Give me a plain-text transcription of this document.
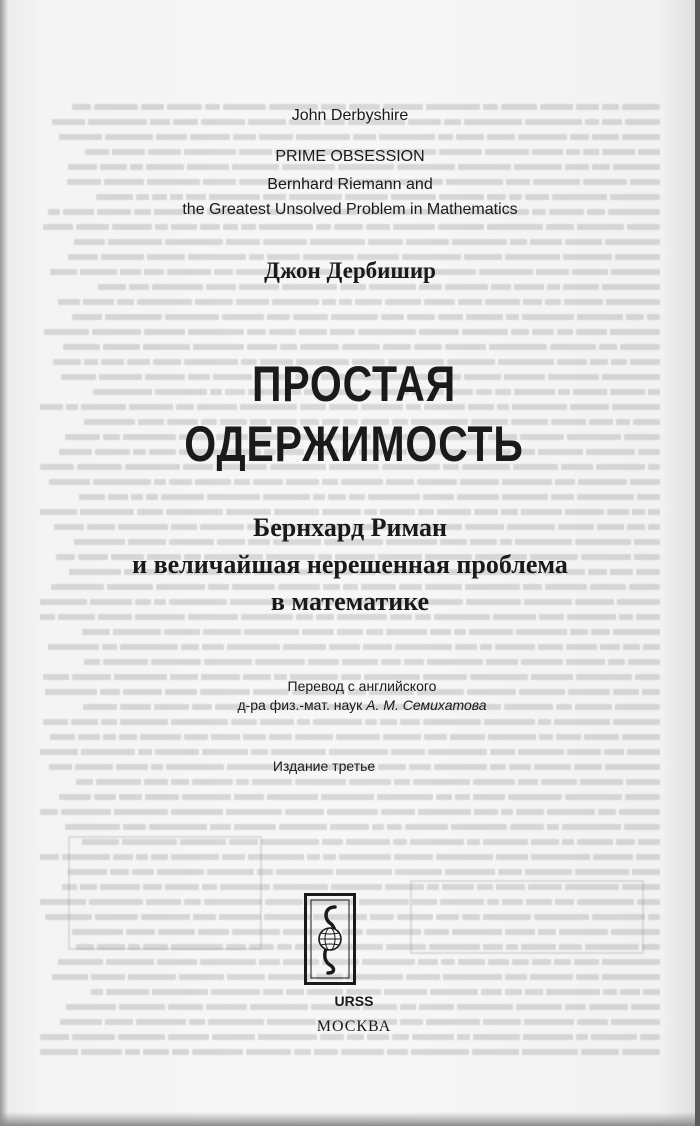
John Derbyshire

PRIME OBSESSION

Bernhard Riemann and

the Greatest Unsolved Problem in Mathematics

Джон Дербишир

ПРОСТАЯ

ОДЕРЖИМОСТЬ

Бернхард Риман

и величайшая нерешенная проблема

в математике

Перевод с английского

д-ра физ.-мат. наук А. М. Семихатова

Издание третье

URSS

МОСКВА
